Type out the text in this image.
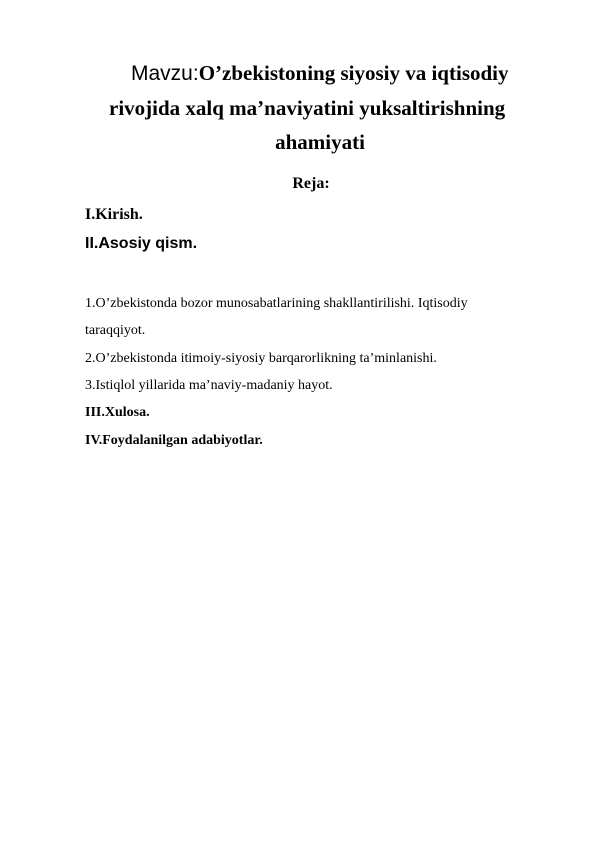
Mavzu:O’zbekistoning siyosiy va iqtisodiy
rivojida xalq ma’naviyatini yuksaltirishning
ahamiyati
Reja:
I.Kirish.
II.Asosiy qism.
1.O’zbekistonda bozor munosabatlarining shakllantirilishi. Iqtisodiy
taraqqiyot.
2.O’zbekistonda itimoiy-siyosiy barqarorlikning ta’minlanishi.
3.Istiqlol yillarida ma’naviy-madaniy hayot.
III.Xulosa.
IV.Foydalanilgan adabiyotlar.
